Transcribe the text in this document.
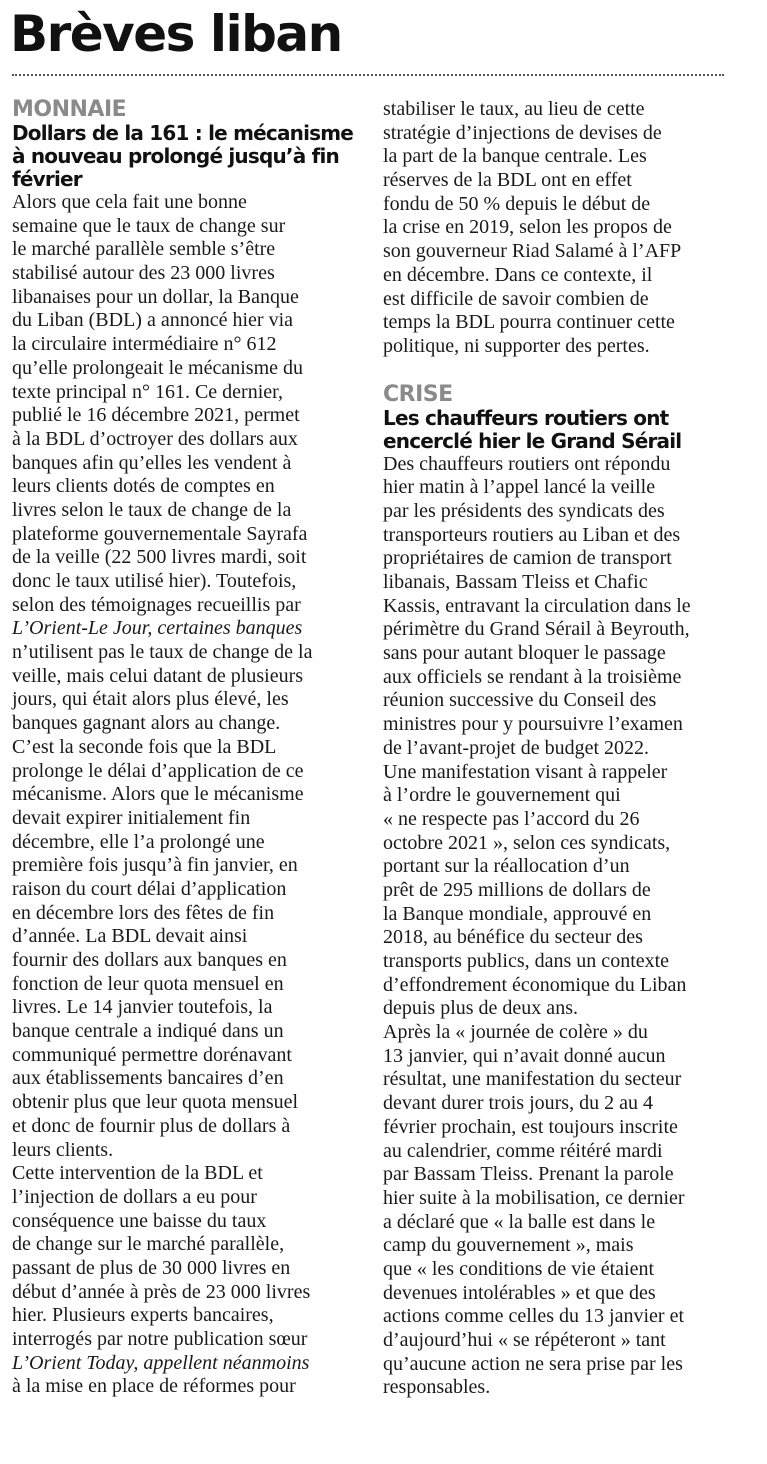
Brèves liban
MONNAIE
Dollars de la 161 : le mécanisme
à nouveau prolongé jusqu’à fin
février
Alors que cela fait une bonne
semaine que le taux de change sur
le marché parallèle semble s’être
stabilisé autour des 23 000 livres
libanaises pour un dollar, la Banque
du Liban (BDL) a annoncé hier via
la circulaire intermédiaire n° 612
qu’elle prolongeait le mécanisme du
texte principal n° 161. Ce dernier,
publié le 16 décembre 2021, permet
à la BDL d’octroyer des dollars aux
banques afin qu’elles les vendent à
leurs clients dotés de comptes en
livres selon le taux de change de la
plateforme gouvernementale Sayrafa
de la veille (22 500 livres mardi, soit
donc le taux utilisé hier). Toutefois,
selon des témoignages recueillis par
L’Orient-Le Jour, certaines banques
n’utilisent pas le taux de change de la
veille, mais celui datant de plusieurs
jours, qui était alors plus élevé, les
banques gagnant alors au change.
C’est la seconde fois que la BDL
prolonge le délai d’application de ce
mécanisme. Alors que le mécanisme
devait expirer initialement fin
décembre, elle l’a prolongé une
première fois jusqu’à fin janvier, en
raison du court délai d’application
en décembre lors des fêtes de fin
d’année. La BDL devait ainsi
fournir des dollars aux banques en
fonction de leur quota mensuel en
livres. Le 14 janvier toutefois, la
banque centrale a indiqué dans un
communiqué permettre dorénavant
aux établissements bancaires d’en
obtenir plus que leur quota mensuel
et donc de fournir plus de dollars à
leurs clients.
Cette intervention de la BDL et
l’injection de dollars a eu pour
conséquence une baisse du taux
de change sur le marché parallèle,
passant de plus de 30 000 livres en
début d’année à près de 23 000 livres
hier. Plusieurs experts bancaires,
interrogés par notre publication sœur
L’Orient Today, appellent néanmoins
à la mise en place de réformes pour
stabiliser le taux, au lieu de cette
stratégie d’injections de devises de
la part de la banque centrale. Les
réserves de la BDL ont en effet
fondu de 50 % depuis le début de
la crise en 2019, selon les propos de
son gouverneur Riad Salamé à l’AFP
en décembre. Dans ce contexte, il
est difficile de savoir combien de
temps la BDL pourra continuer cette
politique, ni supporter des pertes.
CRISE
Les chauffeurs routiers ont
encerclé hier le Grand Sérail
Des chauffeurs routiers ont répondu
hier matin à l’appel lancé la veille
par les présidents des syndicats des
transporteurs routiers au Liban et des
propriétaires de camion de transport
libanais, Bassam Tleiss et Chafic
Kassis, entravant la circulation dans le
périmètre du Grand Sérail à Beyrouth,
sans pour autant bloquer le passage
aux officiels se rendant à la troisième
réunion successive du Conseil des
ministres pour y poursuivre l’examen
de l’avant-projet de budget 2022.
Une manifestation visant à rappeler
à l’ordre le gouvernement qui
« ne respecte pas l’accord du 26
octobre 2021 », selon ces syndicats,
portant sur la réallocation d’un
prêt de 295 millions de dollars de
la Banque mondiale, approuvé en
2018, au bénéfice du secteur des
transports publics, dans un contexte
d’effondrement économique du Liban
depuis plus de deux ans.
Après la « journée de colère » du
13 janvier, qui n’avait donné aucun
résultat, une manifestation du secteur
devant durer trois jours, du 2 au 4
février prochain, est toujours inscrite
au calendrier, comme réitéré mardi
par Bassam Tleiss. Prenant la parole
hier suite à la mobilisation, ce dernier
a déclaré que « la balle est dans le
camp du gouvernement », mais
que « les conditions de vie étaient
devenues intolérables » et que des
actions comme celles du 13 janvier et
d’aujourd’hui « se répéteront » tant
qu’aucune action ne sera prise par les
responsables.
